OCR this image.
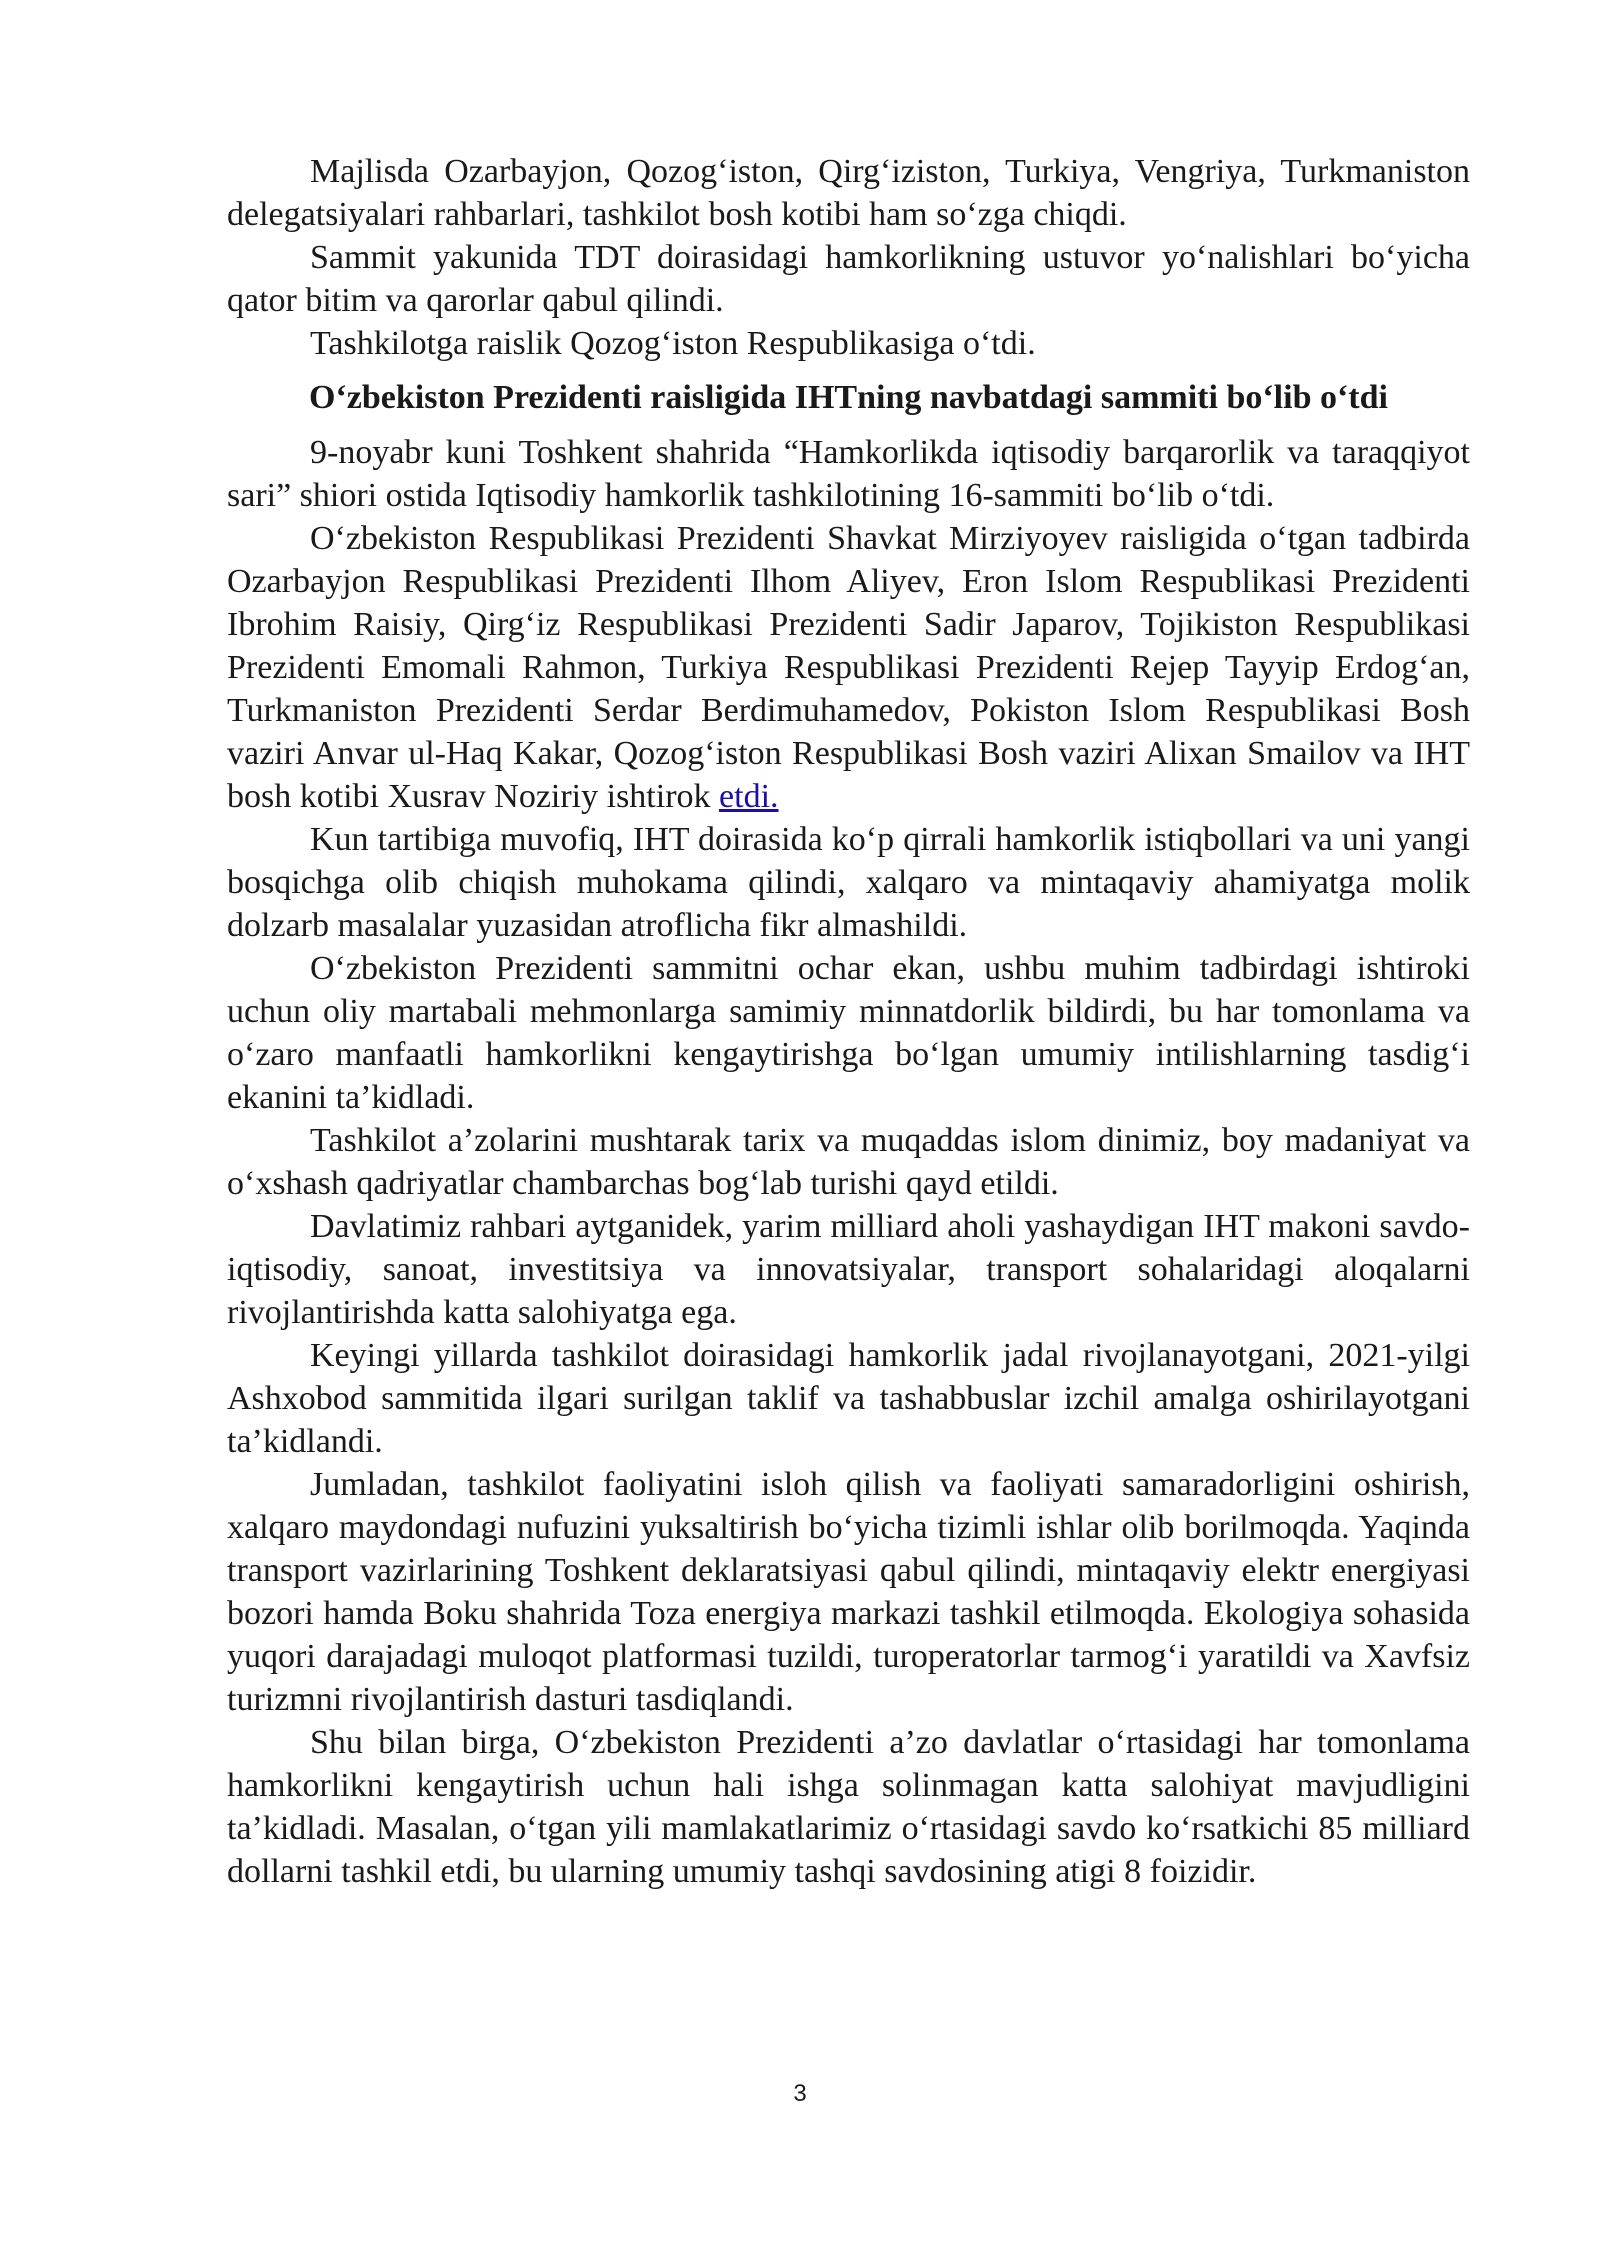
Majlisda Ozarbayjon, Qozog‘iston, Qirg‘iziston, Turkiya, Vengriya, Turkmaniston delegatsiyalari rahbarlari, tashkilot bosh kotibi ham so‘zga chiqdi.

Sammit yakunida TDT doirasidagi hamkorlikning ustuvor yo‘nalishlari bo‘yicha qator bitim va qarorlar qabul qilindi.

Tashkilotga raislik Qozog‘iston Respublikasiga o‘tdi.

O‘zbekiston Prezidenti raisligida IHTning navbatdagi sammiti bo‘lib o‘tdi

9-noyabr kuni Toshkent shahrida “Hamkorlikda iqtisodiy barqarorlik va taraqqiyot sari” shiori ostida Iqtisodiy hamkorlik tashkilotining 16-sammiti bo‘lib o‘tdi.

O‘zbekiston Respublikasi Prezidenti Shavkat Mirziyoyev raisligida o‘tgan tadbirda Ozarbayjon Respublikasi Prezidenti Ilhom Aliyev, Eron Islom Respublikasi Prezidenti Ibrohim Raisiy, Qirg‘iz Respublikasi Prezidenti Sadir Japarov, Tojikiston Respublikasi Prezidenti Emomali Rahmon, Turkiya Respublikasi Prezidenti Rejep Tayyip Erdog‘an, Turkmaniston Prezidenti Serdar Berdimuhamedov, Pokiston Islom Respublikasi Bosh vaziri Anvar ul-Haq Kakar, Qozog‘iston Respublikasi Bosh vaziri Alixan Smailov va IHT bosh kotibi Xusrav Noziriy ishtirok etdi.

Kun tartibiga muvofiq, IHT doirasida ko‘p qirrali hamkorlik istiqbollari va uni yangi bosqichga olib chiqish muhokama qilindi, xalqaro va mintaqaviy ahamiyatga molik dolzarb masalalar yuzasidan atroflicha fikr almashildi.

O‘zbekiston Prezidenti sammitni ochar ekan, ushbu muhim tadbirdagi ishtiroki uchun oliy martabali mehmonlarga samimiy minnatdorlik bildirdi, bu har tomonlama va o‘zaro manfaatli hamkorlikni kengaytirishga bo‘lgan umumiy intilishlarning tasdig‘i ekanini ta’kidladi.

Tashkilot a’zolarini mushtarak tarix va muqaddas islom dinimiz, boy madaniyat va o‘xshash qadriyatlar chambarchas bog‘lab turishi qayd etildi.

Davlatimiz rahbari aytganidek, yarim milliard aholi yashaydigan IHT makoni savdo-iqtisodiy, sanoat, investitsiya va innovatsiyalar, transport sohalaridagi aloqalarni rivojlantirishda katta salohiyatga ega.

Keyingi yillarda tashkilot doirasidagi hamkorlik jadal rivojlanayotgani, 2021-yilgi Ashxobod sammitida ilgari surilgan taklif va tashabbuslar izchil amalga oshirilayotgani ta’kidlandi.

Jumladan, tashkilot faoliyatini isloh qilish va faoliyati samaradorligini oshirish, xalqaro maydondagi nufuzini yuksaltirish bo‘yicha tizimli ishlar olib borilmoqda. Yaqinda transport vazirlarining Toshkent deklaratsiyasi qabul qilindi, mintaqaviy elektr energiyasi bozori hamda Boku shahrida Toza energiya markazi tashkil etilmoqda. Ekologiya sohasida yuqori darajadagi muloqot platformasi tuzildi, turoperatorlar tarmog‘i yaratildi va Xavfsiz turizmni rivojlantirish dasturi tasdiqlandi.

Shu bilan birga, O‘zbekiston Prezidenti a’zo davlatlar o‘rtasidagi har tomonlama hamkorlikni kengaytirish uchun hali ishga solinmagan katta salohiyat mavjudligini ta’kidladi. Masalan, o‘tgan yili mamlakatlarimiz o‘rtasidagi savdo ko‘rsatkichi 85 milliard dollarni tashkil etdi, bu ularning umumiy tashqi savdosining atigi 8 foizidir.

3
